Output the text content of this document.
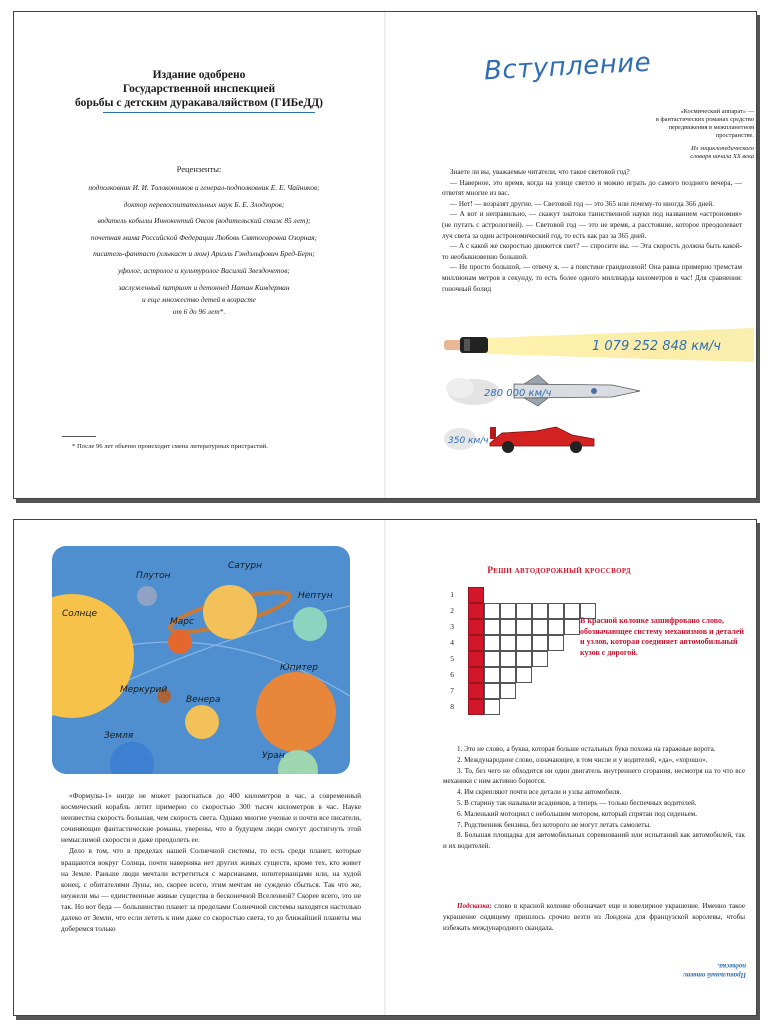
Издание одобрено
Государственной инспекцией
борьбы с детским дуракаваляйством (ГИБеДД)
Рецензенты:
подполковник И. И. Толоконников и генерал-подполковник Е. Е. Чайников;
доктор перевоспитательных наук Б. Е. Злодзоров;
водитель кобылы Иннокентий Овсов (водительский стаж 85 лет);
почетная мама Российской Федерации Любовь Святогоровна Озорная;
писатель-фантаст (хлыкаст и люм) Ариэль Гэндэльфович Бред-Берн;
уфолог, астролог и культуролог Василий Звездочетов;
заслуженный патриот и детоннед Натан Киндерман
и еще множество детей в возрасте
от 6 до 96 лет*.
* После 96 лет обычно происходит смена литературных пристрастий.
Вступление
«Космический аппарат» —
в фантастических романах средство
передвижения в межпланетном
пространстве.
Из энциклопедического
словаря начала XX века

Знаете ли вы, уважаемые читатели, что такое световой год?

— Наверное, это время, когда на улице светло и можно играть до самого позднего вечера, — ответят многие из вас.

— Нет! — возразят другие. — Световой год — это 365 или почему-то иногда 366 дней.

— А вот и неправильно, — скажут знатоки таинственной науки под названием «астрономия» (не путать с астрологией). — Световой год — это не время, а расстояние, которое преодолевает луч света за один астрономический год, то есть как раз за 365 дней.

— А с какой же скоростью движется свет? — спросите вы. — Эта скорость должна быть какой-то необыкновенно большой.

— Не просто большой, — отвечу я, — а поистине грандиозной! Она равна примерно тремстам миллионам метров в секунду, то есть более одного миллиарда километров в час! Для сравнения: гоночный болид

1 079 252 848 км/ч
280 000 км/ч
350 км/ч
Плутон
Сатурн
Нептун
Солнце
Марс
Меркурий
Юпитер
Венера
Земля
Уран

«Формулы-1» нигде не может разогнаться до 400 километров в час, а современный космический корабль летит примерно со скоростью 300 тысяч километров в час. Науке неизвестна скорость большая, чем скорость света. Однако многие ученые и почти все писатели, сочиняющие фантастические романы, уверены, что в будущем люди смогут достигнуть этой немыслимой скорости и даже преодолеть ее.

Дело в том, что в пределах нашей Солнечной системы, то есть среди планет, которые вращаются вокруг Солнца, почти наверняка нет других живых существ, кроме тех, кто живет на Земле. Раньше люди мечтали встретиться с марсианами, юпитерианцами или, на худой конец, с обитателями Луны, но, скорее всего, этим мечтам не суждено сбыться. Так что же, неужели мы — единственные живые существа в бесконечной Вселенной? Скорее всего, это не так. Но вот беда — большинство планет за пределами Солнечной системы находятся настолько далеко от Земли, что если лететь к ним даже со скоростью света, то до ближайшей планеты мы доберемся только

Реши автодорожный кроссворд
1
2
3
4
5
6
7
8
В красной колонке зашифровано слово, обозначающее систему механизмов и деталей и узлов, которая соединяет автомобильный кузов с дорогой.

1. Это не слово, а буква, которая больше остальных букв похожа на гаражные ворота.

2. Международное слово, означающее, в том числе и у водителей, «да», «хорошо».

3. То, без чего не обходится ни один двигатель внутреннего сгорания, несмотря на то что все механики с ним активно борются.

4. Им скрепляют почти все детали и узлы автомобиля.

5. В старину так называли всадников, а теперь — только беспечных водителей.

6. Маленький мотоцикл с небольшим мотором, который спрятан под сиденьем.

7. Родственник бензина, без которого не могут летать самолеты.

8. Большая площадка для автомобильных соревнований или испытаний как автомобилей, так и их водителей.

Подсказка: слово в красной колонке обозначает еще и ювелирное украшение. Именно такое украшение сидящему пришлось срочно везти из Лондона для французской королевы, чтобы избежать международного скандала.
Правильный ответ:
подвеска.
